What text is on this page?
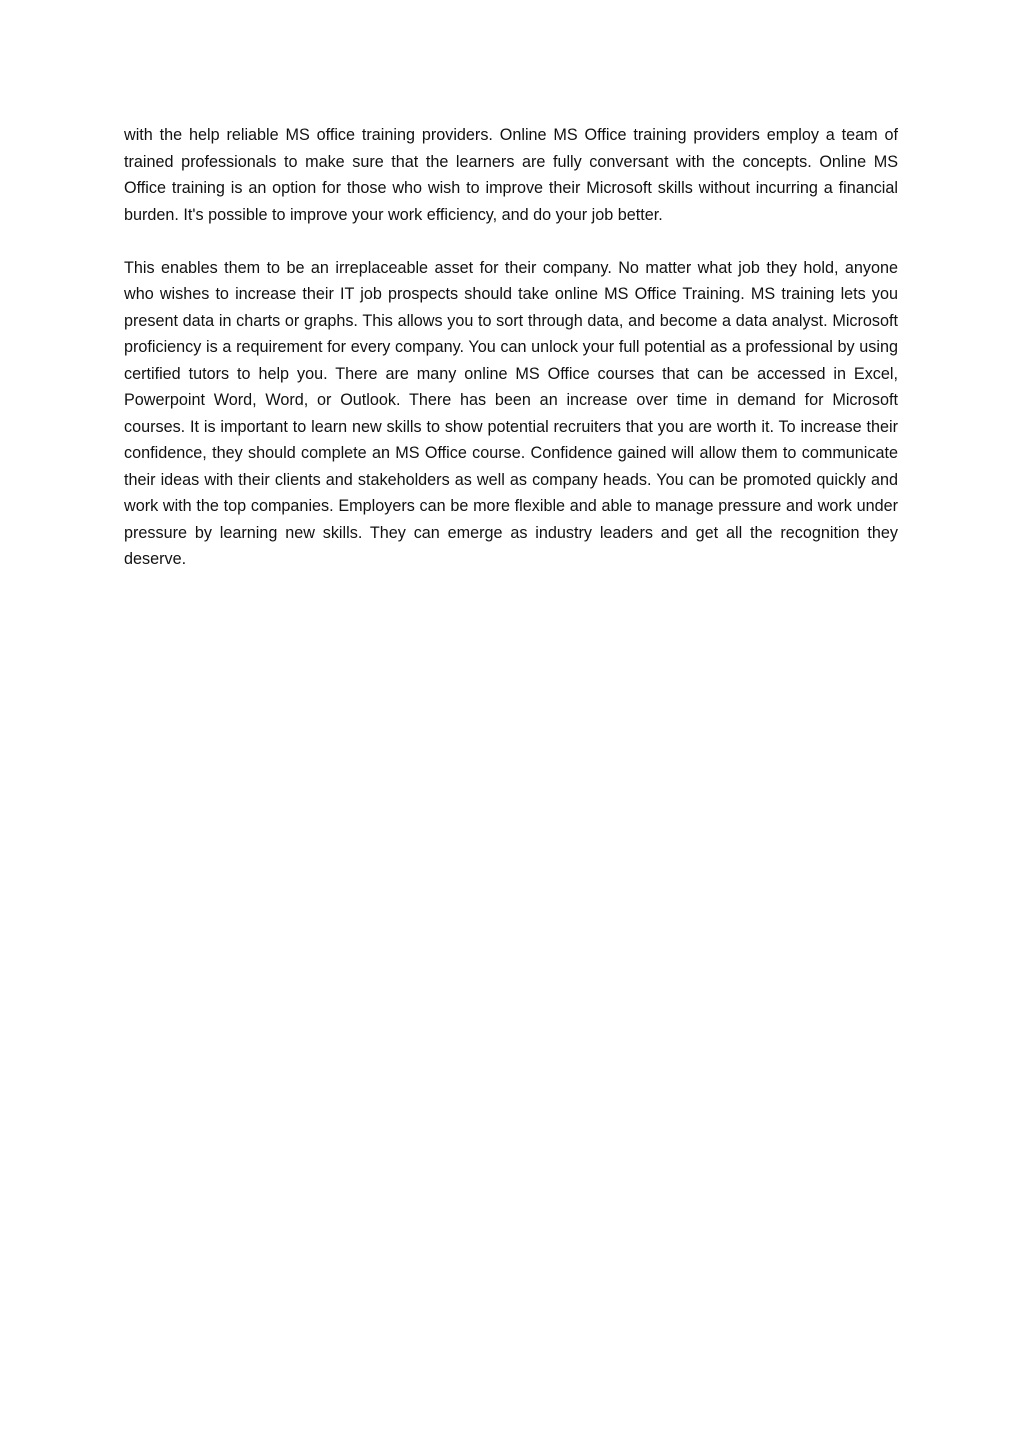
with the help reliable MS office training providers. Online MS Office training providers employ a team of trained professionals to make sure that the learners are fully conversant with the concepts. Online MS Office training is an option for those who wish to improve their Microsoft skills without incurring a financial burden. It's possible to improve your work efficiency, and do your job better.

This enables them to be an irreplaceable asset for their company. No matter what job they hold, anyone who wishes to increase their IT job prospects should take online MS Office Training. MS training lets you present data in charts or graphs. This allows you to sort through data, and become a data analyst. Microsoft proficiency is a requirement for every company. You can unlock your full potential as a professional by using certified tutors to help you. There are many online MS Office courses that can be accessed in Excel, Powerpoint Word, Word, or Outlook. There has been an increase over time in demand for Microsoft courses. It is important to learn new skills to show potential recruiters that you are worth it. To increase their confidence, they should complete an MS Office course. Confidence gained will allow them to communicate their ideas with their clients and stakeholders as well as company heads. You can be promoted quickly and work with the top companies. Employers can be more flexible and able to manage pressure and work under pressure by learning new skills. They can emerge as industry leaders and get all the recognition they deserve.
